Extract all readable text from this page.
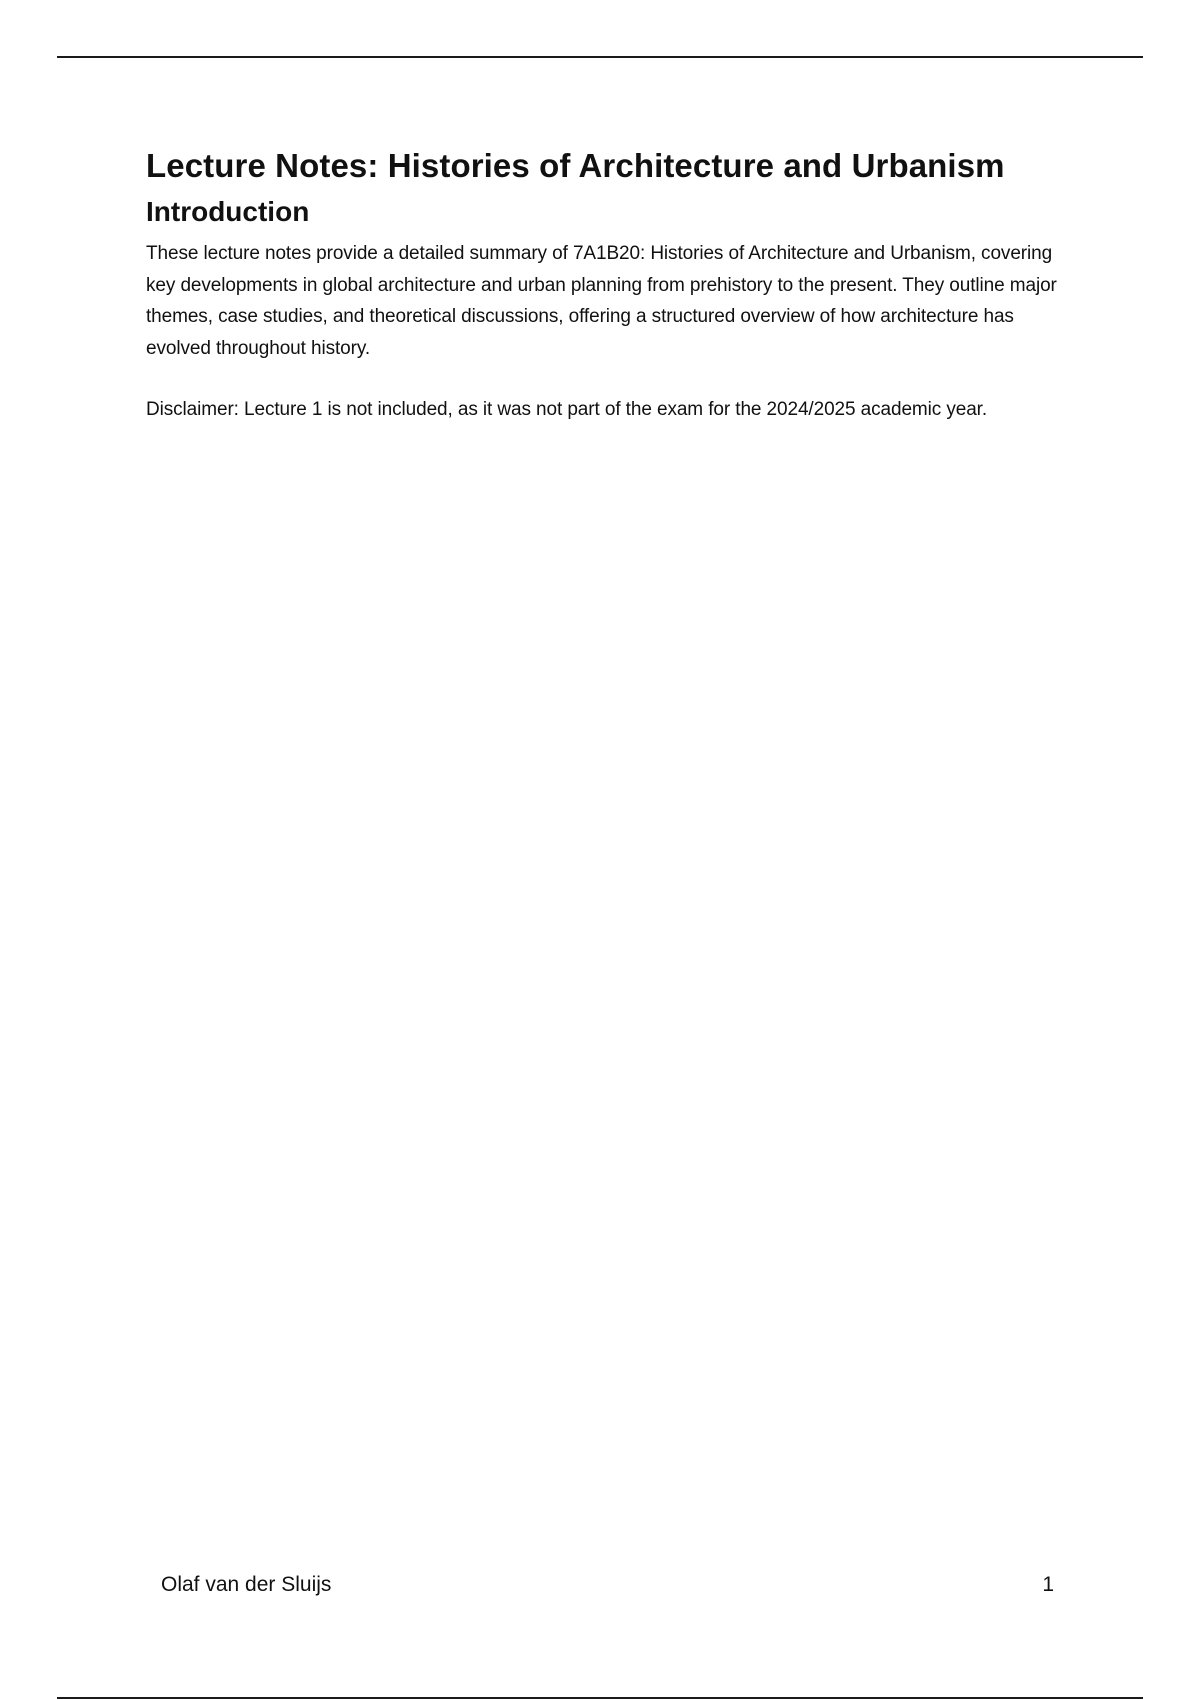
Lecture Notes: Histories of Architecture and Urbanism
Introduction

These lecture notes provide a detailed summary of 7A1B20: Histories of Architecture and Urbanism, covering key developments in global architecture and urban planning from prehistory to the present. They outline major themes, case studies, and theoretical discussions, offering a structured overview of how architecture has evolved throughout history.

Disclaimer: Lecture 1 is not included, as it was not part of the exam for the 2024/2025 academic year.

Olaf van der Sluijs	1
